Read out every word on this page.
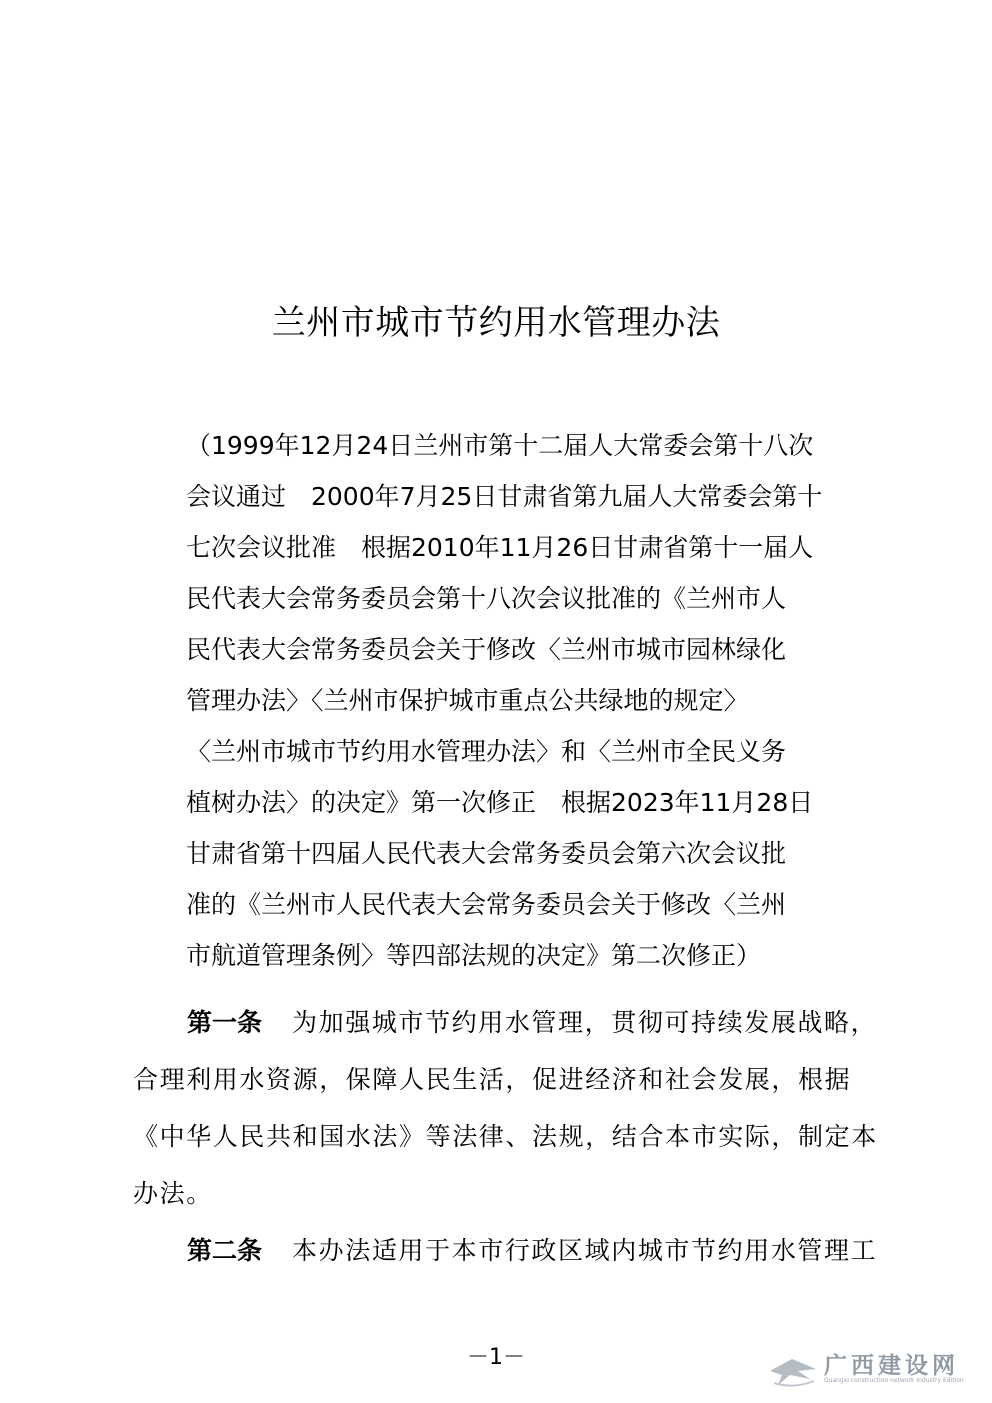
兰州市城市节约用水管理办法
（1999年12月24日兰州市第十二届人大常委会第十八次
会议通过　2000年7月25日甘肃省第九届人大常委会第十
七次会议批准　根据2010年11月26日甘肃省第十一届人
民代表大会常务委员会第十八次会议批准的《兰州市人
民代表大会常务委员会关于修改〈兰州市城市园林绿化
管理办法〉〈兰州市保护城市重点公共绿地的规定〉
〈兰州市城市节约用水管理办法〉和〈兰州市全民义务
植树办法〉的决定》第一次修正　根据2023年11月28日
甘肃省第十四届人民代表大会常务委员会第六次会议批
准的《兰州市人民代表大会常务委员会关于修改〈兰州
市航道管理条例〉等四部法规的决定》第二次修正）
第一条 为加强城市节约用水管理，贯彻可持续发展战略，
合理利用水资源，保障人民生活，促进经济和社会发展，根据
《中华人民共和国水法》等法律、法规，结合本市实际，制定本
办法。
第二条 本办法适用于本市行政区域内城市节约用水管理工
－1－	广西建设网
Guangxi construction network Industry Edition
